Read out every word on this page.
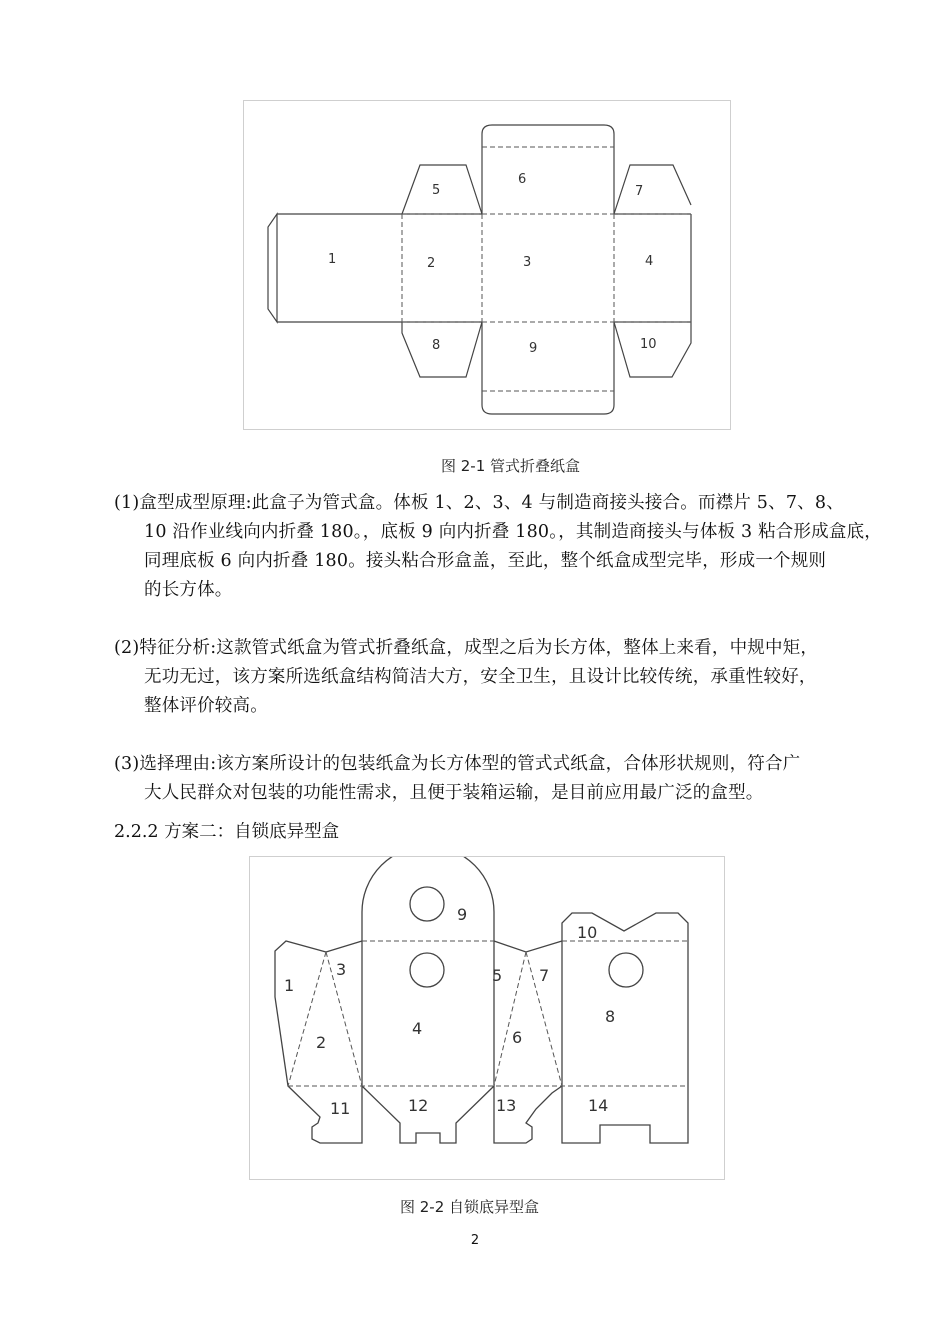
1	2	3	4
5
6
7
8	9	10
图 2-1 管式折叠纸盒
(1)盒型成型原理:此盒子为管式盒。体板 1、2、3、4 与制造商接头接合。而襟片 5、7、8、
10 沿作业线向内折叠 180。，底板 9 向内折叠 180。，其制造商接头与体板 3 粘合形成盒底，
同理底板 6 向内折叠 180。接头粘合形盒盖，至此，整个纸盒成型完毕，形成一个规则
的长方体。
(2)特征分析:这款管式纸盒为管式折叠纸盒，成型之后为长方体，整体上来看，中规中矩，
无功无过，该方案所选纸盒结构简洁大方，安全卫生，且设计比较传统，承重性较好，
整体评价较高。
(3)选择理由:该方案所设计的包装纸盒为长方体型的管式式纸盒，合体形状规则，符合广
大人民群众对包装的功能性需求，且便于装箱运输，是目前应用最广泛的盒型。
2.2.2 方案二：自锁底异型盒
1
2
3
4
5
6
7
8
9
10
11	12	13	14
图 2-2 自锁底异型盒
2
